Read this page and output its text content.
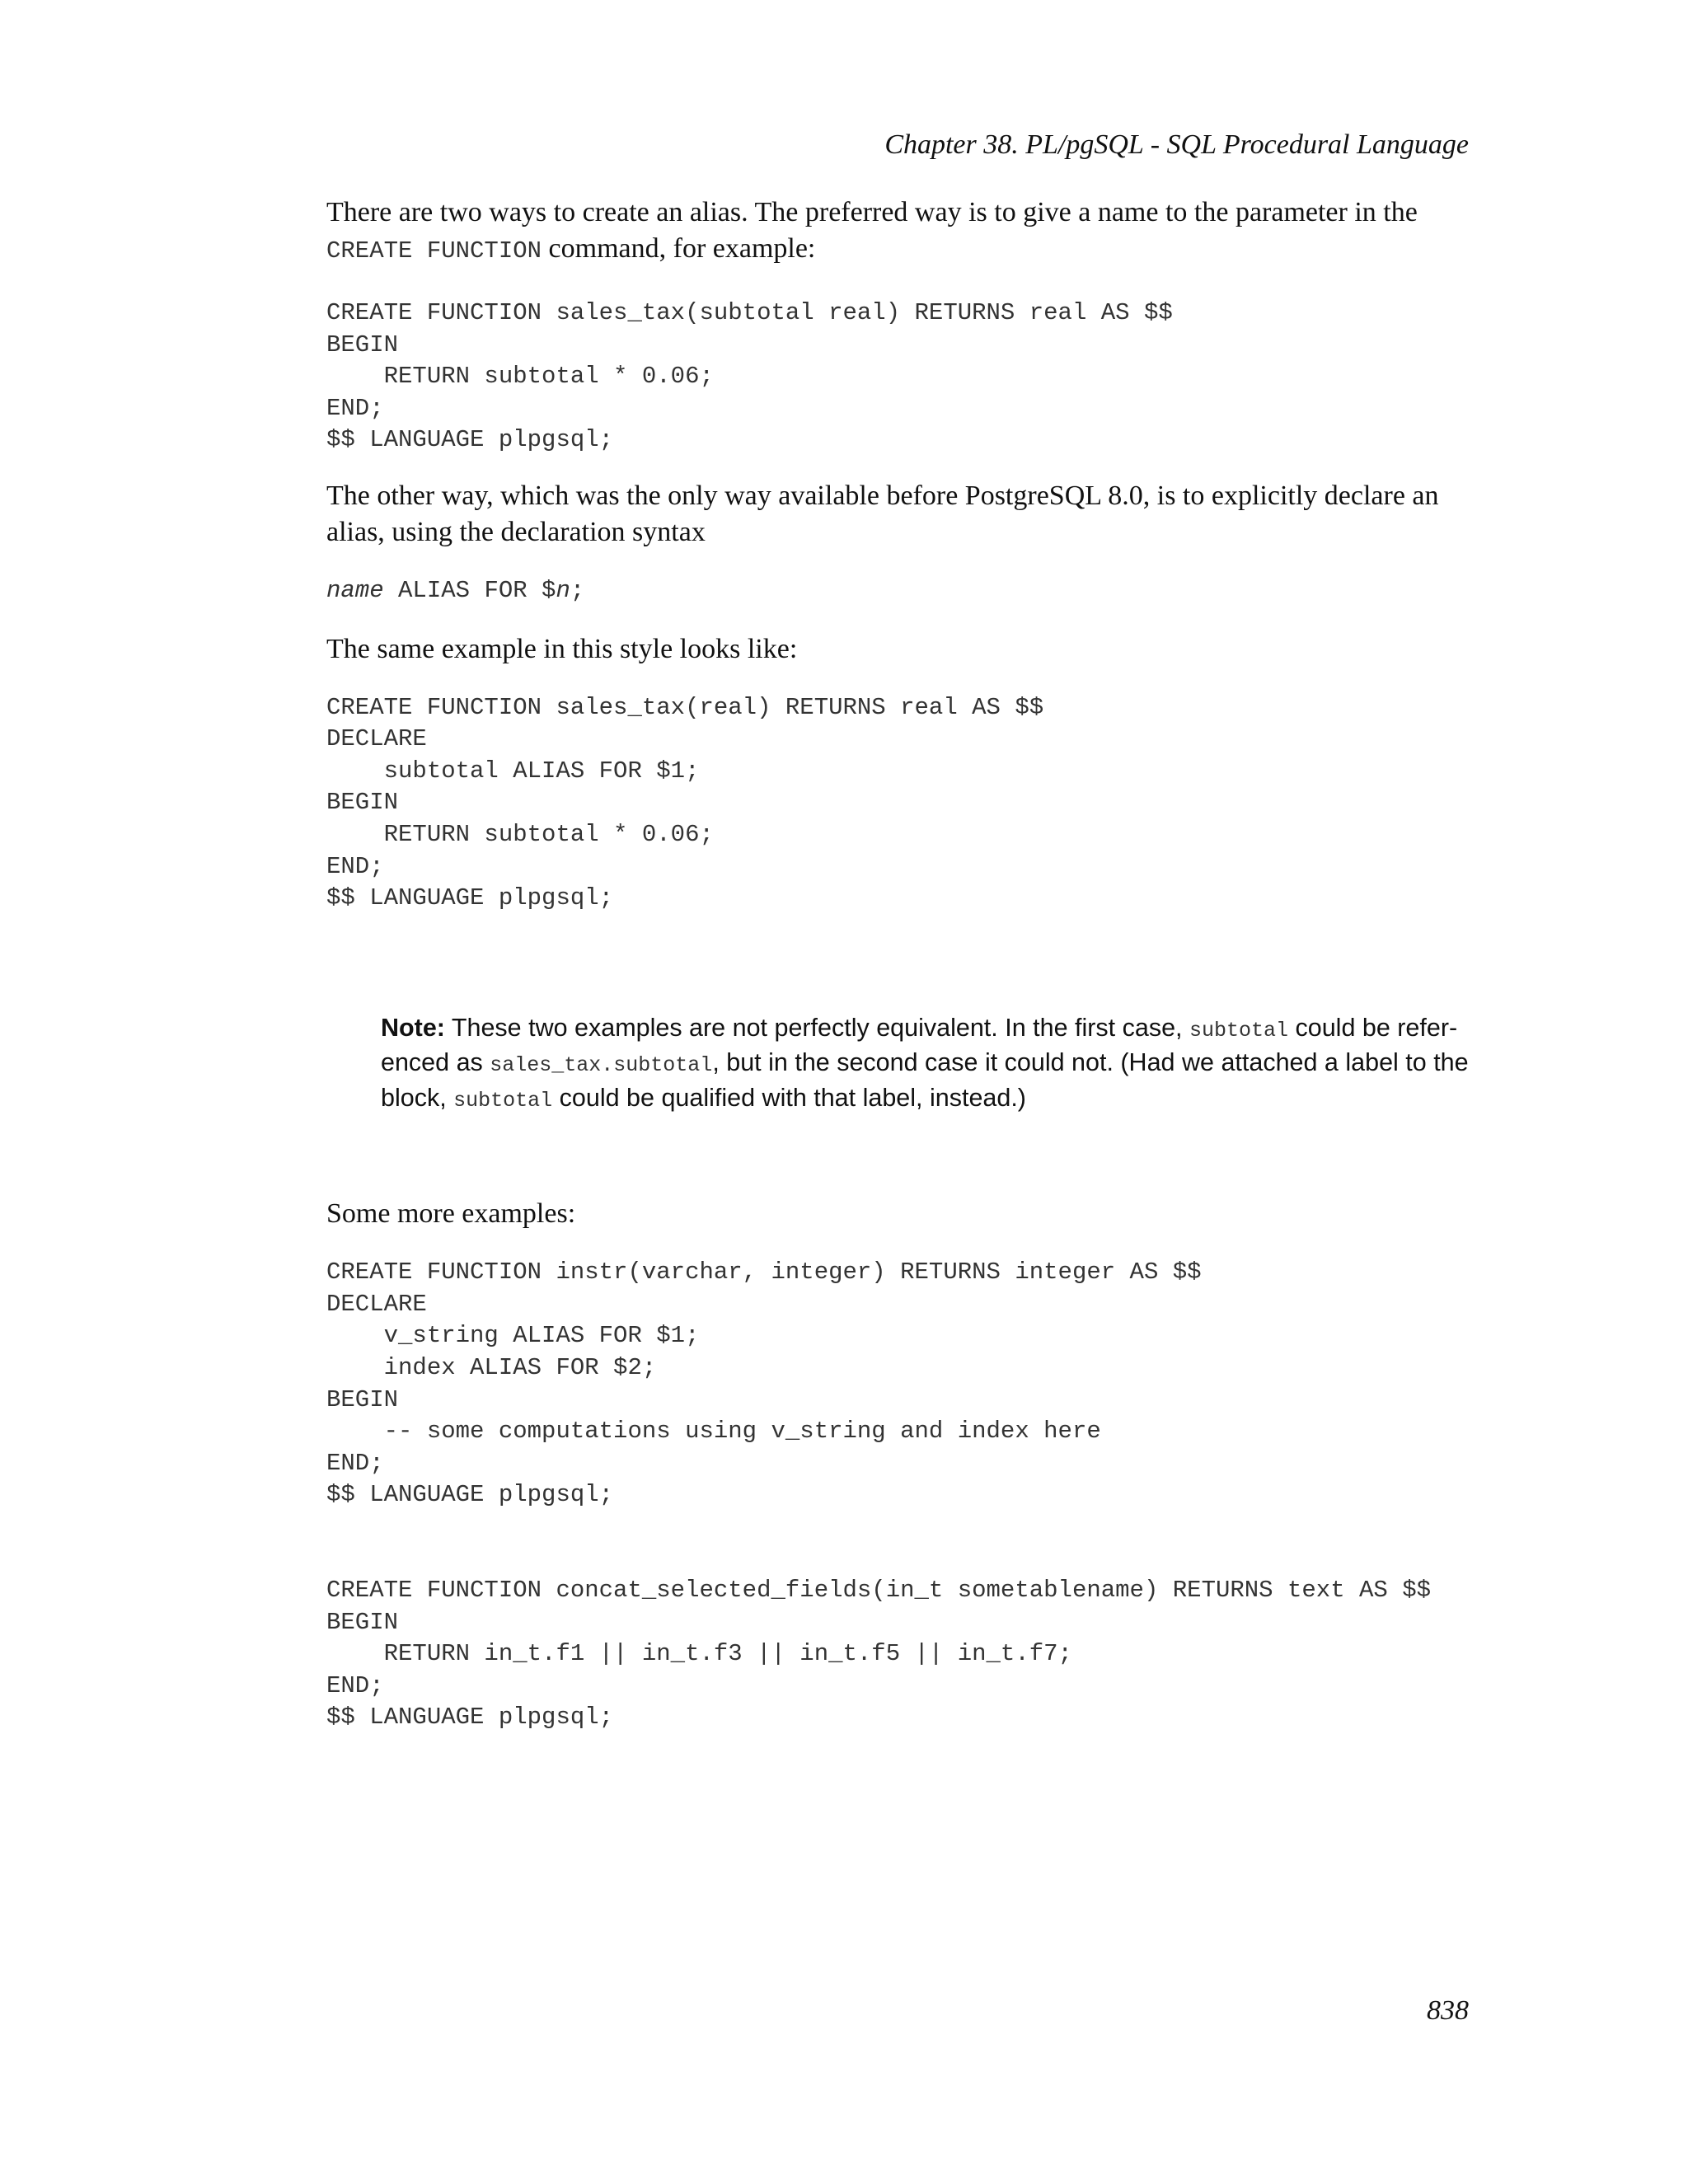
Chapter 38. PL/pgSQL - SQL Procedural Language

There are two ways to create an alias. The preferred way is to give a name to the parameter in the CREATE FUNCTION command, for example:

CREATE FUNCTION sales_tax(subtotal real) RETURNS real AS $$
BEGIN
RETURN subtotal * 0.06;
END;
$$ LANGUAGE plpgsql;

The other way, which was the only way available before PostgreSQL 8.0, is to explicitly declare an alias, using the declaration syntax

name ALIAS FOR $n;

The same example in this style looks like:

CREATE FUNCTION sales_tax(real) RETURNS real AS $$
DECLARE
subtotal ALIAS FOR $1;
BEGIN
RETURN subtotal * 0.06;
END;
$$ LANGUAGE plpgsql;
Note: These two examples are not perfectly equivalent. In the first case, subtotal could be refer-enced as sales_tax.subtotal, but in the second case it could not. (Had we attached a label to the block, subtotal could be qualified with that label, instead.)

Some more examples:

CREATE FUNCTION instr(varchar, integer) RETURNS integer AS $$
DECLARE
v_string ALIAS FOR $1;
index ALIAS FOR $2;
BEGIN
-- some computations using v_string and index here
END;
$$ LANGUAGE plpgsql;
CREATE FUNCTION concat_selected_fields(in_t sometablename) RETURNS text AS $$
BEGIN
RETURN in_t.f1 || in_t.f3 || in_t.f5 || in_t.f7;
END;
$$ LANGUAGE plpgsql;
838
